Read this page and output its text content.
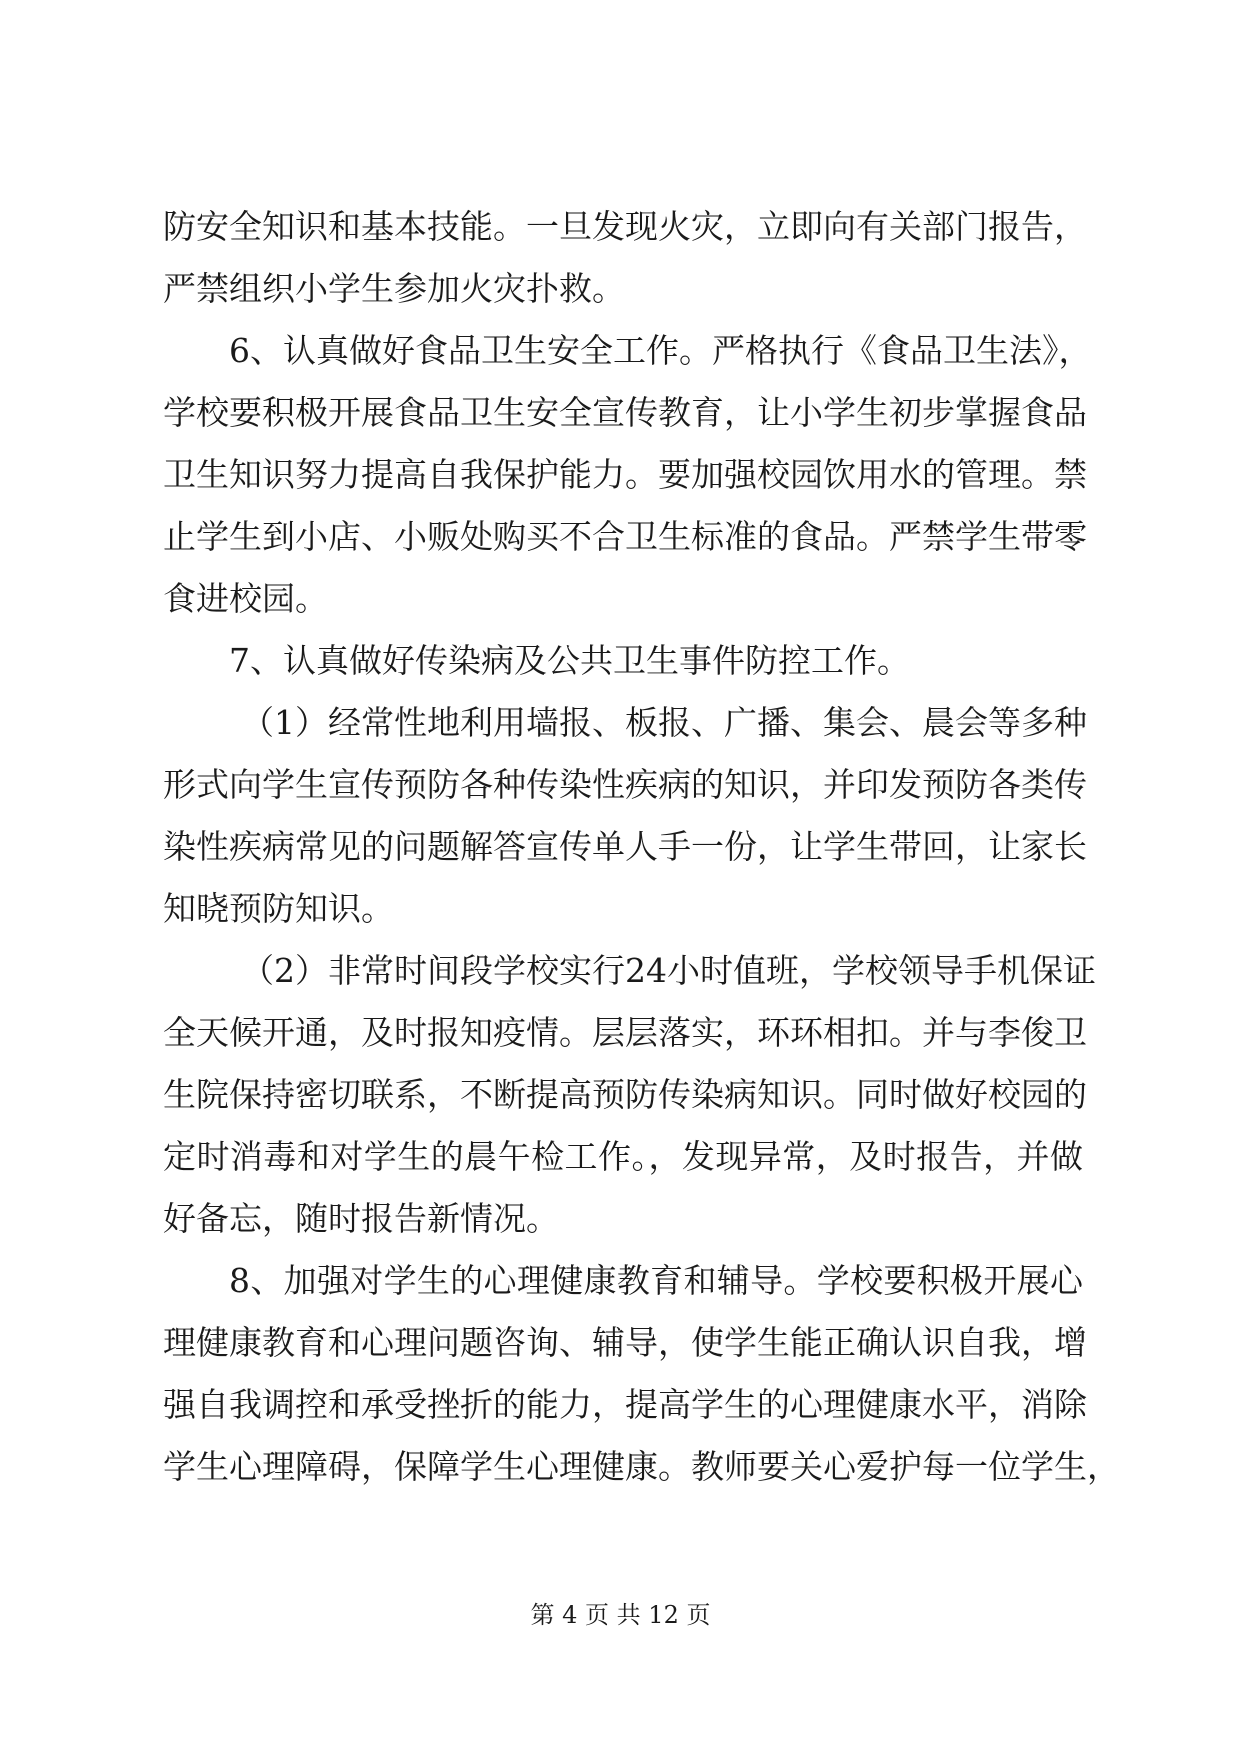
防安全知识和基本技能。一旦发现火灾，立即向有关部门报告，
严禁组织小学生参加火灾扑救。
6、认真做好食品卫生安全工作。严格执行《食品卫生法》，
学校要积极开展食品卫生安全宣传教育，让小学生初步掌握食品
卫生知识努力提高自我保护能力。要加强校园饮用水的管理。禁
止学生到小店、小贩处购买不合卫生标准的食品。严禁学生带零
食进校园。
7、认真做好传染病及公共卫生事件防控工作。
（1）经常性地利用墙报、板报、广播、集会、晨会等多种
形式向学生宣传预防各种传染性疾病的知识，并印发预防各类传
染性疾病常见的问题解答宣传单人手一份，让学生带回，让家长
知晓预防知识。
（2）非常时间段学校实行24小时值班，学校领导手机保证
全天候开通，及时报知疫情。层层落实，环环相扣。并与李俊卫
生院保持密切联系，不断提高预防传染病知识。同时做好校园的
定时消毒和对学生的晨午检工作。，发现异常，及时报告，并做
好备忘，随时报告新情况。
8、加强对学生的心理健康教育和辅导。学校要积极开展心
理健康教育和心理问题咨询、辅导，使学生能正确认识自我，增
强自我调控和承受挫折的能力，提高学生的心理健康水平，消除
学生心理障碍，保障学生心理健康。教师要关心爱护每一位学生，
第 4 页 共 12 页
